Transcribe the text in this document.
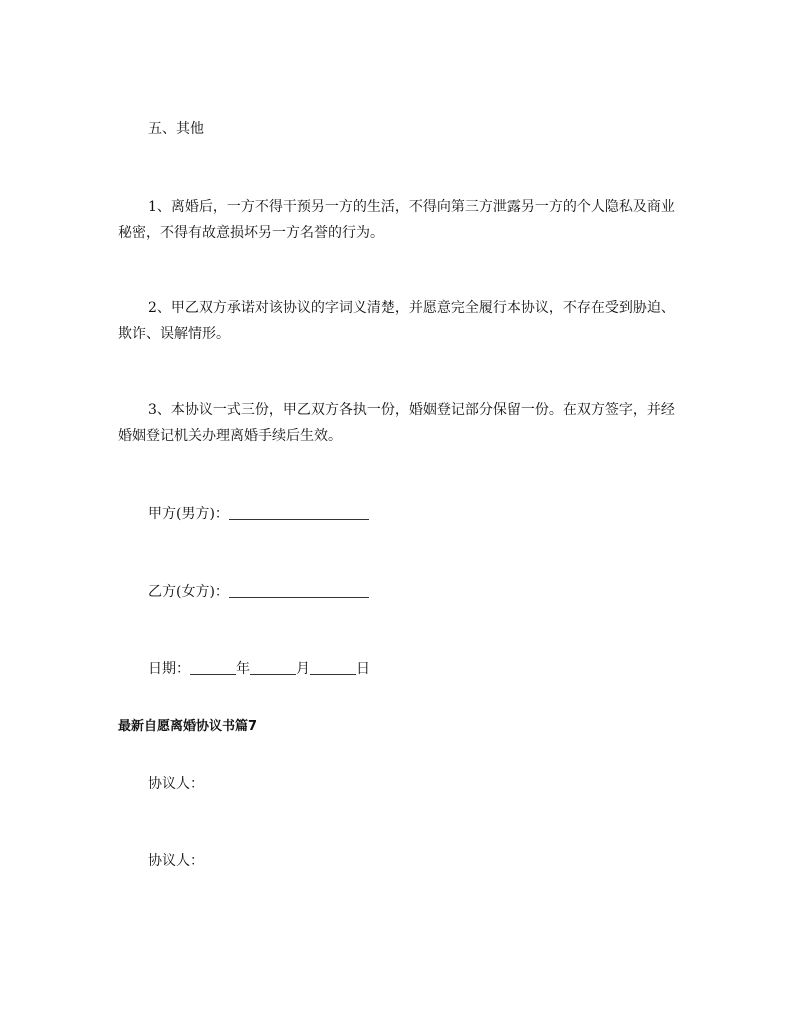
五、其他

1、离婚后，一方不得干预另一方的生活，不得向第三方泄露另一方的个人隐私及商业秘密，不得有故意损坏另一方名誉的行为。

2、甲乙双方承诺对该协议的字词义清楚，并愿意完全履行本协议，不存在受到胁迫、欺诈、误解情形。

3、本协议一式三份，甲乙双方各执一份，婚姻登记部分保留一份。在双方签字，并经婚姻登记机关办理离婚手续后生效。

甲方(男方)：

乙方(女方)：

日期：	年	月	日

最新自愿离婚协议书篇7

协议人：

协议人：
